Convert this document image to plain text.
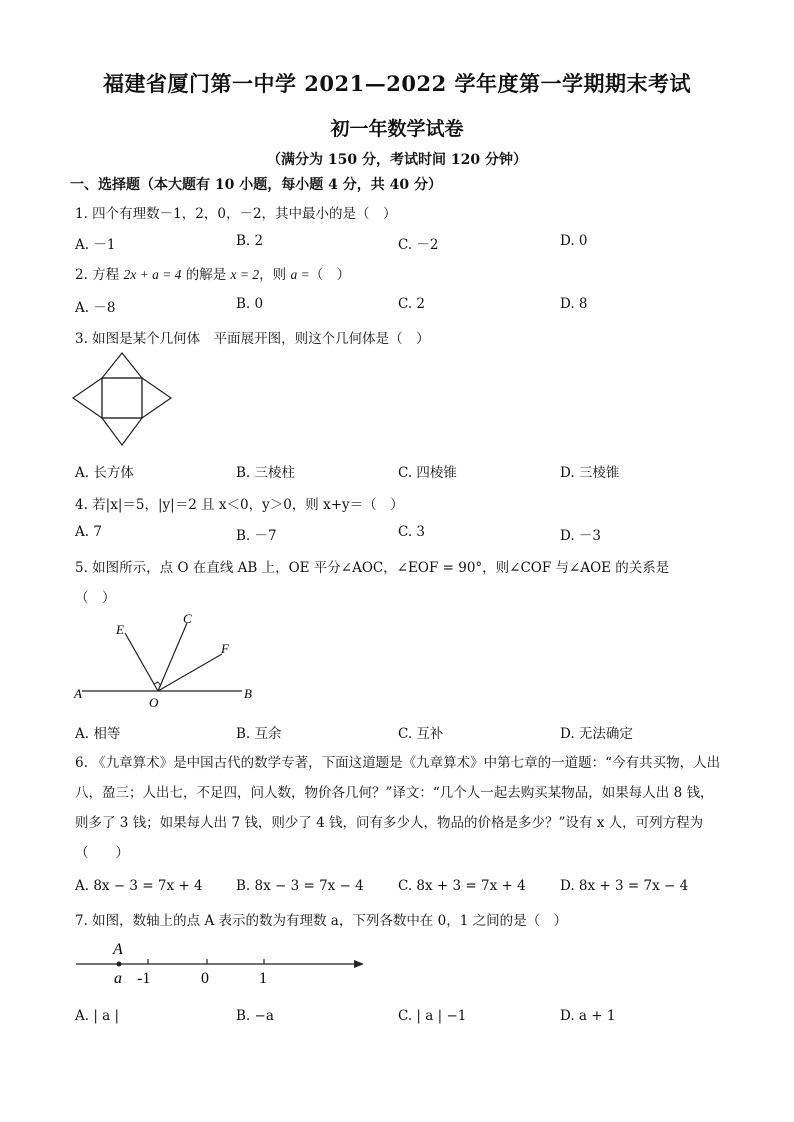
福建省厦门第一中学 2021—2022 学年度第一学期期末考试
初一年数学试卷
（满分为 150 分，考试时间 120 分钟）
一、选择题（本大题有 10 小题，每小题 4 分，共 40 分）
1. 四个有理数－1，2，0，－2，其中最小的是（　）
A. －1	B. 2	C. －2	D. 0
2. 方程 2x + a = 4 的解是 x = 2，则 a =（　）
A. －8	B. 0	C. 2	D. 8
3. 如图是某个几何体　平面展开图，则这个几何体是（　）
A. 长方体	B. 三棱柱	C. 四棱锥	D. 三棱锥
4. 若|x|＝5，|y|＝2 且 x＜0，y＞0，则 x+y＝（　）
A. 7	B. －7	C. 3	D. －3
5. 如图所示，点 O 在直线 AB 上，OE 平分∠AOC，∠EOF = 90°，则∠COF 与∠AOE 的关系是
（　）
E
C
F
A
O
B
A. 相等	B. 互余	C. 互补	D. 无法确定
6. 《九章算术》是中国古代的数学专著，下面这道题是《九章算术》中第七章的一道题：“今有共买物，人出八，盈三；人出七，不足四，问人数，物价各几何？”译文：“几个人一起去购买某物品，如果每人出 8 钱，则多了 3 钱；如果每人出 7 钱，则少了 4 钱，问有多少人，物品的价格是多少？”设有 x 人，可列方程为（　　）
A. 8x − 3 = 7x + 4 B. 8x − 3 = 7x − 4	C. 8x + 3 = 7x + 4	D. 8x + 3 = 7x − 4
7. 如图，数轴上的点 A 表示的数为有理数 a，下列各数中在 0，1 之间的是（　）
A
a -1	0	1
A. | a |	B. −a	C. | a | −1	D. a + 1
